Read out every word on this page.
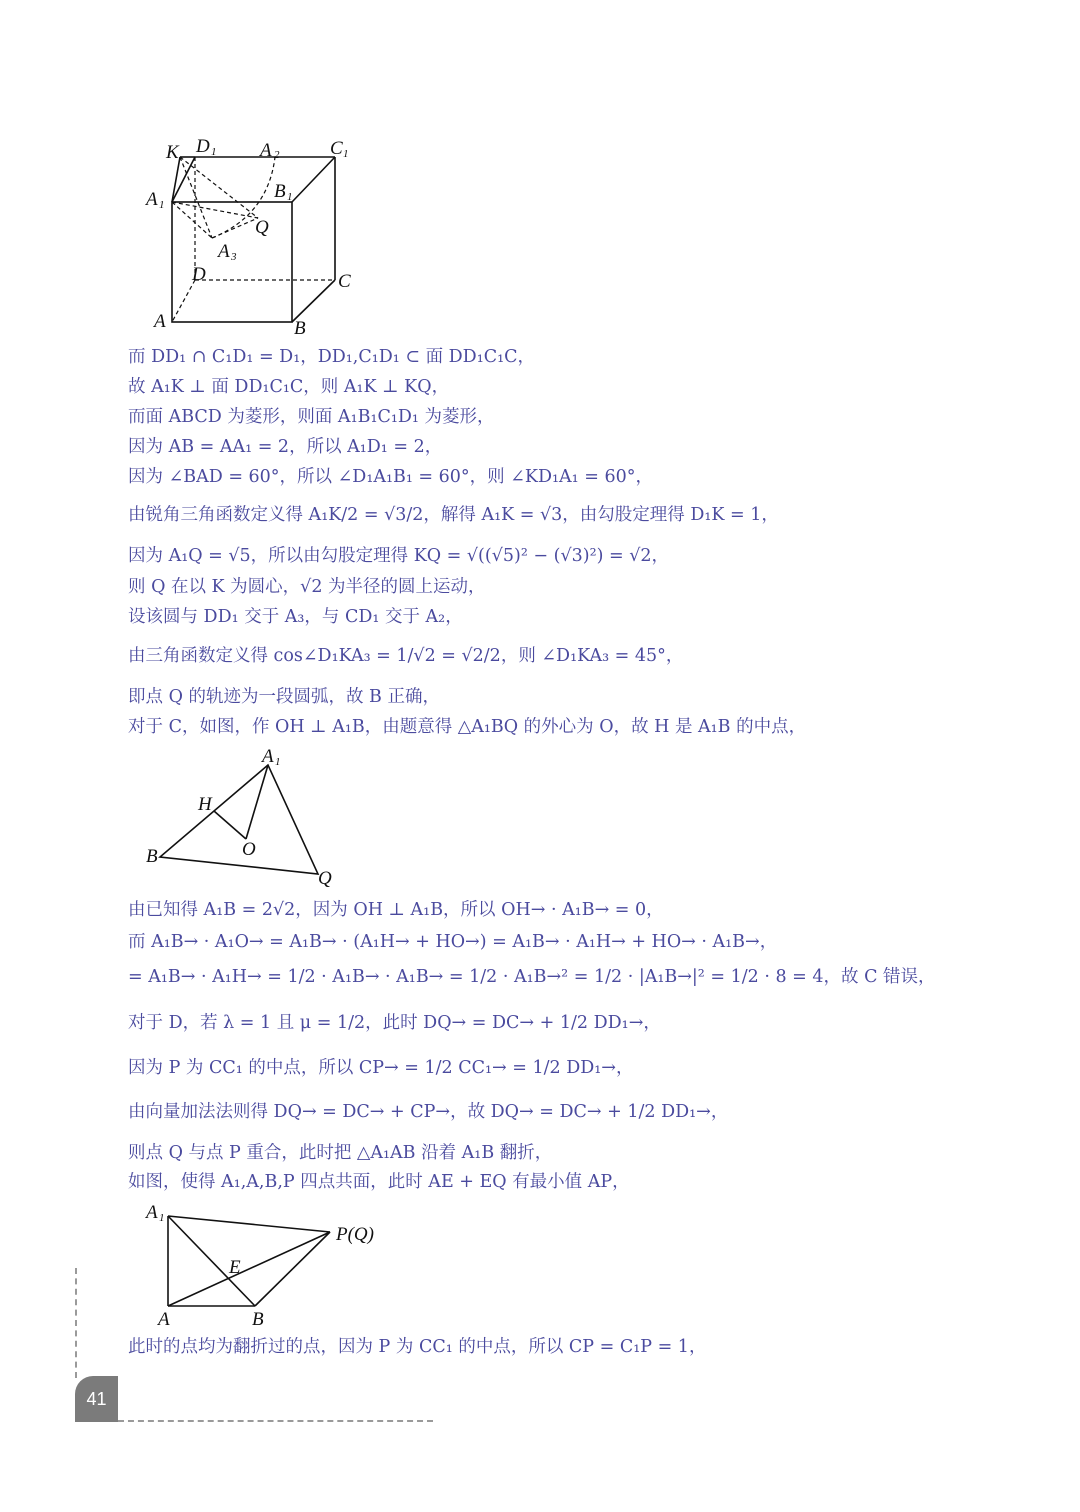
K D 1 A 2	C 1
A 1
B 1
Q
A 3
D	C
A	B
而 DD₁ ∩ C₁D₁ = D₁，DD₁,C₁D₁ ⊂ 面 DD₁C₁C，
故 A₁K ⊥ 面 DD₁C₁C，则 A₁K ⊥ KQ，
而面 ABCD 为菱形，则面 A₁B₁C₁D₁ 为菱形，
因为 AB = AA₁ = 2，所以 A₁D₁ = 2，
因为 ∠BAD = 60°，所以 ∠D₁A₁B₁ = 60°，则 ∠KD₁A₁ = 60°，
由锐角三角函数定义得 A₁K/2 = √3/2，解得 A₁K = √3，由勾股定理得 D₁K = 1，
因为 A₁Q = √5，所以由勾股定理得 KQ = √((√5)² − (√3)²) = √2，
则 Q 在以 K 为圆心，√2 为半径的圆上运动，
设该圆与 DD₁ 交于 A₃，与 CD₁ 交于 A₂，
由三角函数定义得 cos∠D₁KA₃ = 1/√2 = √2/2，则 ∠D₁KA₃ = 45°，
即点 Q 的轨迹为一段圆弧，故 B 正确，
对于 C，如图，作 OH ⊥ A₁B，由题意得 △A₁BQ 的外心为 O，故 H 是 A₁B 的中点，
A 1
H
O
B
Q
由已知得 A₁B = 2√2，因为 OH ⊥ A₁B，所以 OH→ · A₁B→ = 0，
而 A₁B→ · A₁O→ = A₁B→ · (A₁H→ + HO→) = A₁B→ · A₁H→ + HO→ · A₁B→，
= A₁B→ · A₁H→ = 1/2 · A₁B→ · A₁B→ = 1/2 · A₁B→² = 1/2 · |A₁B→|² = 1/2 · 8 = 4，故 C 错误，
对于 D，若 λ = 1 且 μ = 1/2，此时 DQ→ = DC→ + 1/2 DD₁→，
因为 P 为 CC₁ 的中点，所以 CP→ = 1/2 CC₁→ = 1/2 DD₁→，
由向量加法法则得 DQ→ = DC→ + CP→，故 DQ→ = DC→ + 1/2 DD₁→，
则点 Q 与点 P 重合，此时把 △A₁AB 沿着 A₁B 翻折，
如图，使得 A₁,A,B,P 四点共面，此时 AE + EQ 有最小值 AP，
A 1
P(Q)
E
A	B
此时的点均为翻折过的点，因为 P 为 CC₁ 的中点，所以 CP = C₁P = 1，
41
